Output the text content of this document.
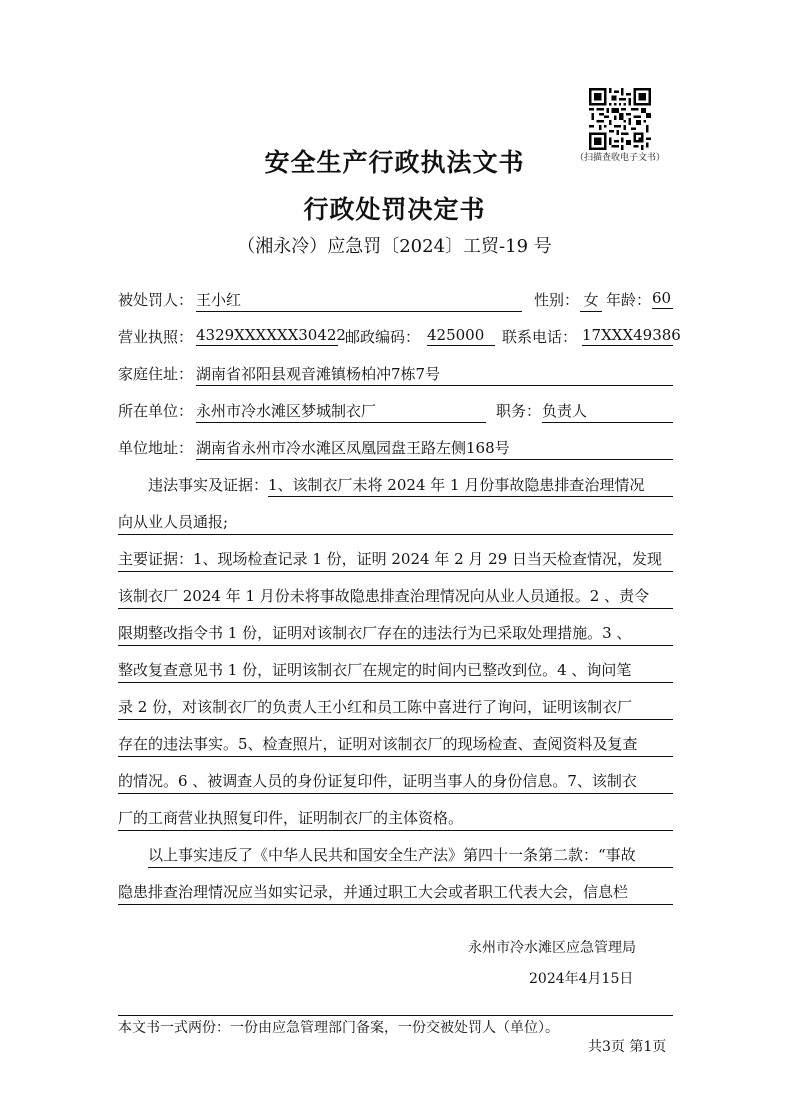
（扫描查收电子文书）
安全生产行政执法文书
行政处罚决定书
（湘永冷）应急罚〔2024〕工贸-19 号
被处罚人： 王小红	性别： 女 年龄： 60
营业执照： 4329XXXXXX30422 邮政编码： 425000	联系电话： 17XXX49386
家庭住址： 湖南省祁阳县观音滩镇杨柏冲7栋7号
所在单位： 永州市冷水滩区梦城制衣厂	职务： 负责人
单位地址： 湖南省永州市冷水滩区凤凰园盘王路左侧168号
违法事实及证据： 1、该制衣厂未将 2024 年 1 月份事故隐患排查治理情况
向从业人员通报;
主要证据：1、现场检查记录 1 份，证明 2024 年 2 月 29 日当天检查情况，发现
该制衣厂 2024 年 1 月份未将事故隐患排查治理情况向从业人员通报。2 、责令
限期整改指令书 1 份，证明对该制衣厂存在的违法行为已采取处理措施。3 、
整改复查意见书 1 份，证明该制衣厂在规定的时间内已整改到位。4 、询问笔
录 2 份，对该制衣厂的负责人王小红和员工陈中喜进行了询问，证明该制衣厂
存在的违法事实。5、检查照片，证明对该制衣厂的现场检查、查阅资料及复查
的情况。6 、被调查人员的身份证复印件，证明当事人的身份信息。7、该制衣
厂的工商营业执照复印件，证明制衣厂的主体资格。
以上事实违反了《中华人民共和国安全生产法》第四十一条第二款：“事故
隐患排查治理情况应当如实记录，并通过职工大会或者职工代表大会，信息栏
永州市冷水滩区应急管理局
2024年4月15日
本文书一式两份：一份由应急管理部门备案，一份交被处罚人（单位）。
共3页 第1页
